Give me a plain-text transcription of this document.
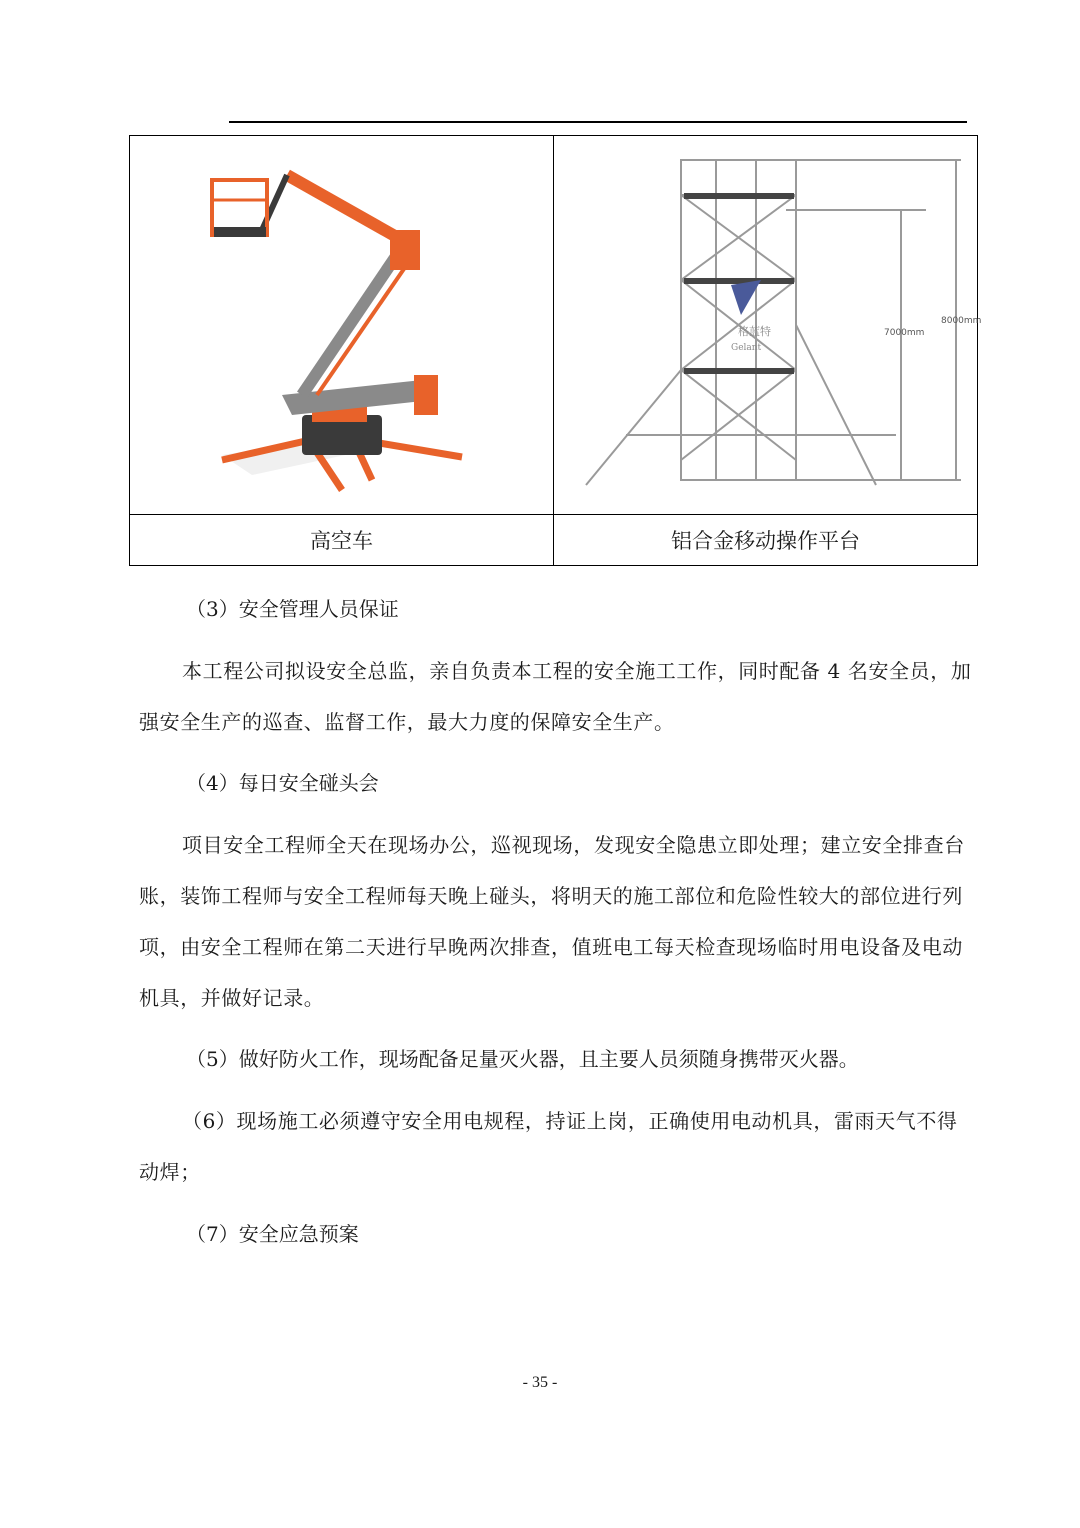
7000mm
8000mm
格蓝特
Gelant

高空车	铝合金移动操作平台

（3）安全管理人员保证

本工程公司拟设安全总监，亲自负责本工程的安全施工工作，同时配备 4 名安全员，加强安全生产的巡查、监督工作，最大力度的保障安全生产。

（4）每日安全碰头会

项目安全工程师全天在现场办公，巡视现场，发现安全隐患立即处理；建立安全排查台账，装饰工程师与安全工程师每天晚上碰头，将明天的施工部位和危险性较大的部位进行列项，由安全工程师在第二天进行早晚两次排查，值班电工每天检查现场临时用电设备及电动机具，并做好记录。

（5）做好防火工作，现场配备足量灭火器，且主要人员须随身携带灭火器。

（6）现场施工必须遵守安全用电规程，持证上岗，正确使用电动机具，雷雨天气不得动焊；

（7）安全应急预案

- 35 -
